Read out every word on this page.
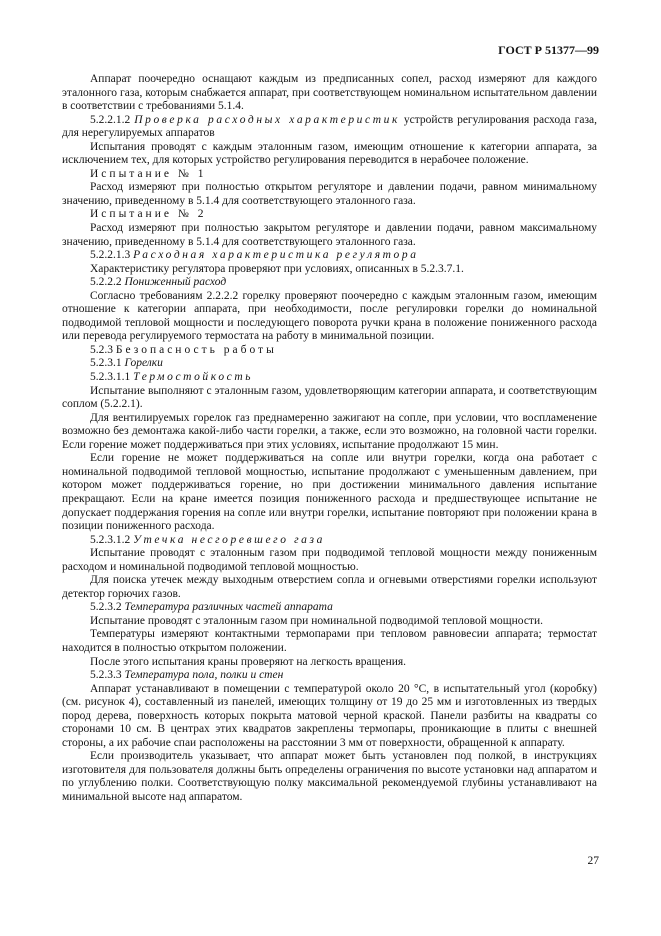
ГОСТ Р 51377—99

Аппарат поочередно оснащают каждым из предписанных сопел, расход измеряют для каждого эталонного газа, которым снабжается аппарат, при соответствующем номинальном испытательном давлении в соответствии с требованиями 5.1.4.

5.2.2.1.2 Проверка расходных характеристик устройств регулирования расхода газа, для нерегулируемых аппаратов

Испытания проводят с каждым эталонным газом, имеющим отношение к категории аппарата, за исключением тех, для которых устройство регулирования переводится в нерабочее положение.

Испытание № 1

Расход измеряют при полностью открытом регуляторе и давлении подачи, равном минимальному значению, приведенному в 5.1.4 для соответствующего эталонного газа.

Испытание № 2

Расход измеряют при полностью закрытом регуляторе и давлении подачи, равном максимальному значению, приведенному в 5.1.4 для соответствующего эталонного газа.

5.2.2.1.3 Расходная характеристика регулятора

Характеристику регулятора проверяют при условиях, описанных в 5.2.3.7.1.

5.2.2.2 Пониженный расход

Согласно требованиям 2.2.2.2 горелку проверяют поочередно с каждым эталонным газом, имеющим отношение к категории аппарата, при необходимости, после регулировки горелки до номинальной подводимой тепловой мощности и последующего поворота ручки крана в положение пониженного расхода или перевода регулируемого термостата на работу в минимальной позиции.

5.2.3 Безопасность работы

5.2.3.1 Горелки

5.2.3.1.1 Термостойкость

Испытание выполняют с эталонным газом, удовлетворяющим категории аппарата, и соответствующим соплом (5.2.2.1).

Для вентилируемых горелок газ преднамеренно зажигают на сопле, при условии, что воспламенение возможно без демонтажа какой-либо части горелки, а также, если это возможно, на головной части горелки. Если горение может поддерживаться при этих условиях, испытание продолжают 15 мин.

Если горение не может поддерживаться на сопле или внутри горелки, когда она работает с номинальной подводимой тепловой мощностью, испытание продолжают с уменьшенным давлением, при котором может поддерживаться горение, но при достижении минимального давления испытание прекращают. Если на кране имеется позиция пониженного расхода и предшествующее испытание не допускает поддержания горения на сопле или внутри горелки, испытание повторяют при положении крана в позиции пониженного расхода.

5.2.3.1.2 Утечка несгоревшего газа

Испытание проводят с эталонным газом при подводимой тепловой мощности между пониженным расходом и номинальной подводимой тепловой мощностью.

Для поиска утечек между выходным отверстием сопла и огневыми отверстиями горелки используют детектор горючих газов.

5.2.3.2 Температура различных частей аппарата

Испытание проводят с эталонным газом при номинальной подводимой тепловой мощности.

Температуры измеряют контактными термопарами при тепловом равновесии аппарата; термостат находится в полностью открытом положении.

После этого испытания краны проверяют на легкость вращения.

5.2.3.3 Температура пола, полки и стен

Аппарат устанавливают в помещении с температурой около 20 °С, в испытательный угол (коробку) (см. рисунок 4), составленный из панелей, имеющих толщину от 19 до 25 мм и изготовленных из твердых пород дерева, поверхность которых покрыта матовой черной краской. Панели разбиты на квадраты со сторонами 10 см. В центрах этих квадратов закреплены термопары, проникающие в плиты с внешней стороны, а их рабочие спаи расположены на расстоянии 3 мм от поверхности, обращенной к аппарату.

Если производитель указывает, что аппарат может быть установлен под полкой, в инструкциях изготовителя для пользователя должны быть определены ограничения по высоте установки над аппаратом и по углублению полки. Соответствующую полку максимальной рекомендуемой глубины устанавливают на минимальной высоте над аппаратом.

27
